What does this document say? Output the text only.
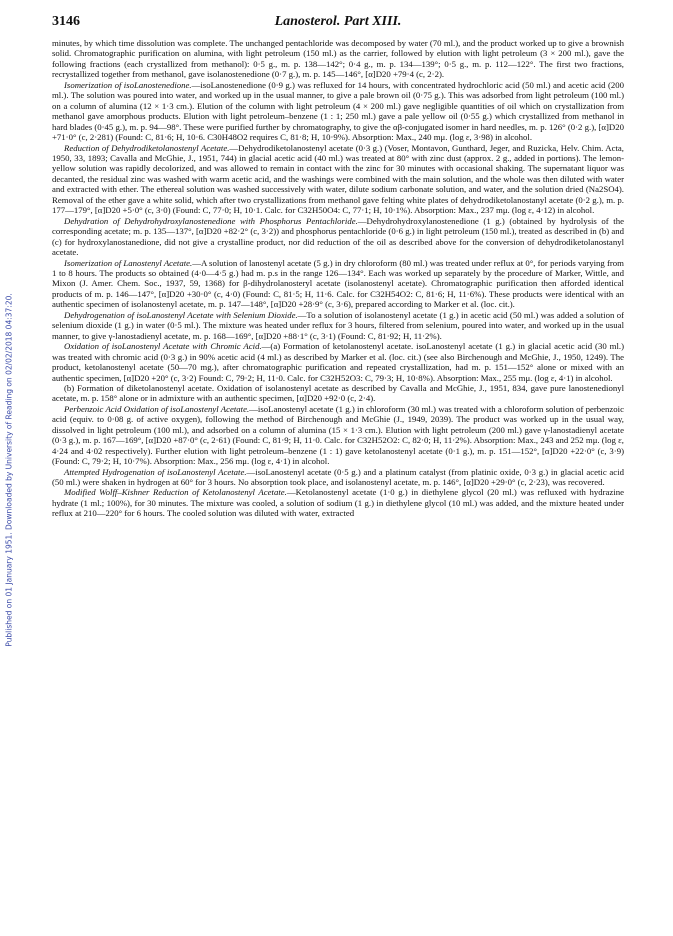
3146	Lanosterol. Part XIII.
Published on 01 January 1951. Downloaded by University of Reading on 02/02/2018 04:37:20.

minutes, by which time dissolution was complete. The unchanged pentachloride was decomposed by water (70 ml.), and the product worked up to give a brownish solid. Chromatographic purification on alumina, with light petroleum (150 ml.) as the carrier, followed by elution with light petroleum (3 × 200 ml.), gave the following fractions (each crystallized from methanol): 0·5 g., m. p. 138—142°; 0·4 g., m. p. 134—139°; 0·5 g., m. p. 112—122°. The first two fractions, recrystallized together from methanol, gave isolanostenedione (0·7 g.), m. p. 145—146°, [α]D20 +79·4 (c, 2·2).

Isomerization of isoLanostenedione.—isoLanostenedione (0·9 g.) was refluxed for 14 hours, with concentrated hydrochloric acid (50 ml.) and acetic acid (200 ml.). The solution was poured into water, and worked up in the usual manner, to give a pale brown oil (0·75 g.). This was adsorbed from light petroleum (100 ml.) on a column of alumina (12 × 1·3 cm.). Elution of the column with light petroleum (4 × 200 ml.) gave negligible quantities of oil which on crystallization from methanol gave amorphous products. Elution with light petroleum–benzene (1 : 1; 250 ml.) gave a pale yellow oil (0·55 g.) which crystallized from methanol in hard blades (0·45 g.), m. p. 94—98°. These were purified further by chromatography, to give the αβ-conjugated isomer in hard needles, m. p. 126° (0·2 g.), [α]D20 +71·0° (c, 2·281) (Found: C, 81·6; H, 10·6. C30H48O2 requires C, 81·8; H, 10·9%). Absorption: Max., 240 mμ. (log ε, 3·98) in alcohol.

Reduction of Dehydrodiketolanostenyl Acetate.—Dehydrodiketolanostenyl acetate (0·3 g.) (Voser, Montavon, Gunthard, Jeger, and Ruzicka, Helv. Chim. Acta, 1950, 33, 1893; Cavalla and McGhie, J., 1951, 744) in glacial acetic acid (40 ml.) was treated at 80° with zinc dust (approx. 2 g., added in portions). The lemon-yellow solution was rapidly decolorized, and was allowed to remain in contact with the zinc for 30 minutes with occasional shaking. The supernatant liquor was decanted, the residual zinc was washed with warm acetic acid, and the washings were combined with the main solution, and the whole was then diluted with water and extracted with ether. The ethereal solution was washed successively with water, dilute sodium carbonate solution, and water, and the solution dried (Na2SO4). Removal of the ether gave a white solid, which after two crystallizations from methanol gave felting white plates of dehydrodiketolanostanyl acetate (0·2 g.), m. p. 177—179°, [α]D20 +5·0° (c, 3·0) (Found: C, 77·0; H, 10·1. Calc. for C32H50O4: C, 77·1; H, 10·1%). Absorption: Max., 237 mμ. (log ε, 4·12) in alcohol.

Dehydration of Dehydrohydroxylanostenedione with Phosphorus Pentachloride.—Dehydrohydroxylanostenedione (1 g.) (obtained by hydrolysis of the corresponding acetate; m. p. 135—137°, [α]D20 +82·2° (c, 3·2)) and phosphorus pentachloride (0·6 g.) in light petroleum (150 ml.), treated as described in (b) and (c) for hydroxylanostanedione, did not give a crystalline product, nor did reduction of the oil as described above for the conversion of dehydrodiketolanostanyl acetate.

Isomerization of Lanostenyl Acetate.—A solution of lanostenyl acetate (5 g.) in dry chloroform (80 ml.) was treated under reflux at 0°, for periods varying from 1 to 8 hours. The products so obtained (4·0—4·5 g.) had m. p.s in the range 126—134°. Each was worked up separately by the procedure of Marker, Wittle, and Mixon (J. Amer. Chem. Soc., 1937, 59, 1368) for β-dihydrolanosteryl acetate (isolanostenyl acetate). Chromatographic purification then afforded identical products of m. p. 146—147°, [α]D20 +30·0° (c, 4·0) (Found: C, 81·5; H, 11·6. Calc. for C32H54O2: C, 81·6; H, 11·6%). These products were identical with an authentic specimen of isolanostenyl acetate, m. p. 147—148°, [α]D20 +28·9° (c, 3·6), prepared according to Marker et al. (loc. cit.).

Dehydrogenation of isoLanostenyl Acetate with Selenium Dioxide.—To a solution of isolanostenyl acetate (1 g.) in acetic acid (50 ml.) was added a solution of selenium dioxide (1 g.) in water (0·5 ml.). The mixture was heated under reflux for 3 hours, filtered from selenium, poured into water, and worked up in the usual manner, to give γ-lanostadienyl acetate, m. p. 168—169°, [α]D20 +88·1° (c, 3·1) (Found: C, 81·92; H, 11·2%).

Oxidation of isoLanostenyl Acetate with Chromic Acid.—(a) Formation of ketolanostenyl acetate. isoLanostenyl acetate (1 g.) in glacial acetic acid (30 ml.) was treated with chromic acid (0·3 g.) in 90% acetic acid (4 ml.) as described by Marker et al. (loc. cit.) (see also Birchenough and McGhie, J., 1950, 1249). The product, ketolanostenyl acetate (50—70 mg.), after chromatographic purification and repeated crystallization, had m. p. 151—152° alone or mixed with an authentic specimen, [α]D20 +20° (c, 3·2) Found: C, 79·2; H, 11·0. Calc. for C32H52O3: C, 79·3; H, 10·8%). Absorption: Max., 255 mμ. (log ε, 4·1) in alcohol.

(b) Formation of diketolanostenyl acetate. Oxidation of isolanostenyl acetate as described by Cavalla and McGhie, J., 1951, 834, gave pure lanostenedionyl acetate, m. p. 158° alone or in admixture with an authentic specimen, [α]D20 +92·0 (c, 2·4).

Perbenzoic Acid Oxidation of isoLanostenyl Acetate.—isoLanostenyl acetate (1 g.) in chloroform (30 ml.) was treated with a chloroform solution of perbenzoic acid (equiv. to 0·08 g. of active oxygen), following the method of Birchenough and McGhie (J., 1949, 2039). The product was worked up in the usual way, dissolved in light petroleum (100 ml.), and adsorbed on a column of alumina (15 × 1·3 cm.). Elution with light petroleum (200 ml.) gave γ-lanostadienyl acetate (0·3 g.), m. p. 167—169°, [α]D20 +87·0° (c, 2·61) (Found: C, 81·9; H, 11·0. Calc. for C32H52O2: C, 82·0; H, 11·2%). Absorption: Max., 243 and 252 mμ. (log ε, 4·24 and 4·02 respectively). Further elution with light petroleum–benzene (1 : 1) gave ketolanostenyl acetate (0·1 g.), m. p. 151—152°, [α]D20 +22·0° (c, 3·9) (Found: C, 79·2; H, 10·7%). Absorption: Max., 256 mμ. (log ε, 4·1) in alcohol.

Attempted Hydrogenation of isoLanostenyl Acetate.—isoLanostenyl acetate (0·5 g.) and a platinum catalyst (from platinic oxide, 0·3 g.) in glacial acetic acid (50 ml.) were shaken in hydrogen at 60° for 3 hours. No absorption took place, and isolanostenyl acetate, m. p. 146°, [α]D20 +29·0° (c, 2·23), was recovered.

Modified Wolff–Kishner Reduction of Ketolanostenyl Acetate.—Ketolanostenyl acetate (1·0 g.) in diethylene glycol (20 ml.) was refluxed with hydrazine hydrate (1 ml.; 100%), for 30 minutes. The mixture was cooled, a solution of sodium (1 g.) in diethylene glycol (10 ml.) was added, and the mixture heated under reflux at 210—220° for 6 hours. The cooled solution was diluted with water, extracted
